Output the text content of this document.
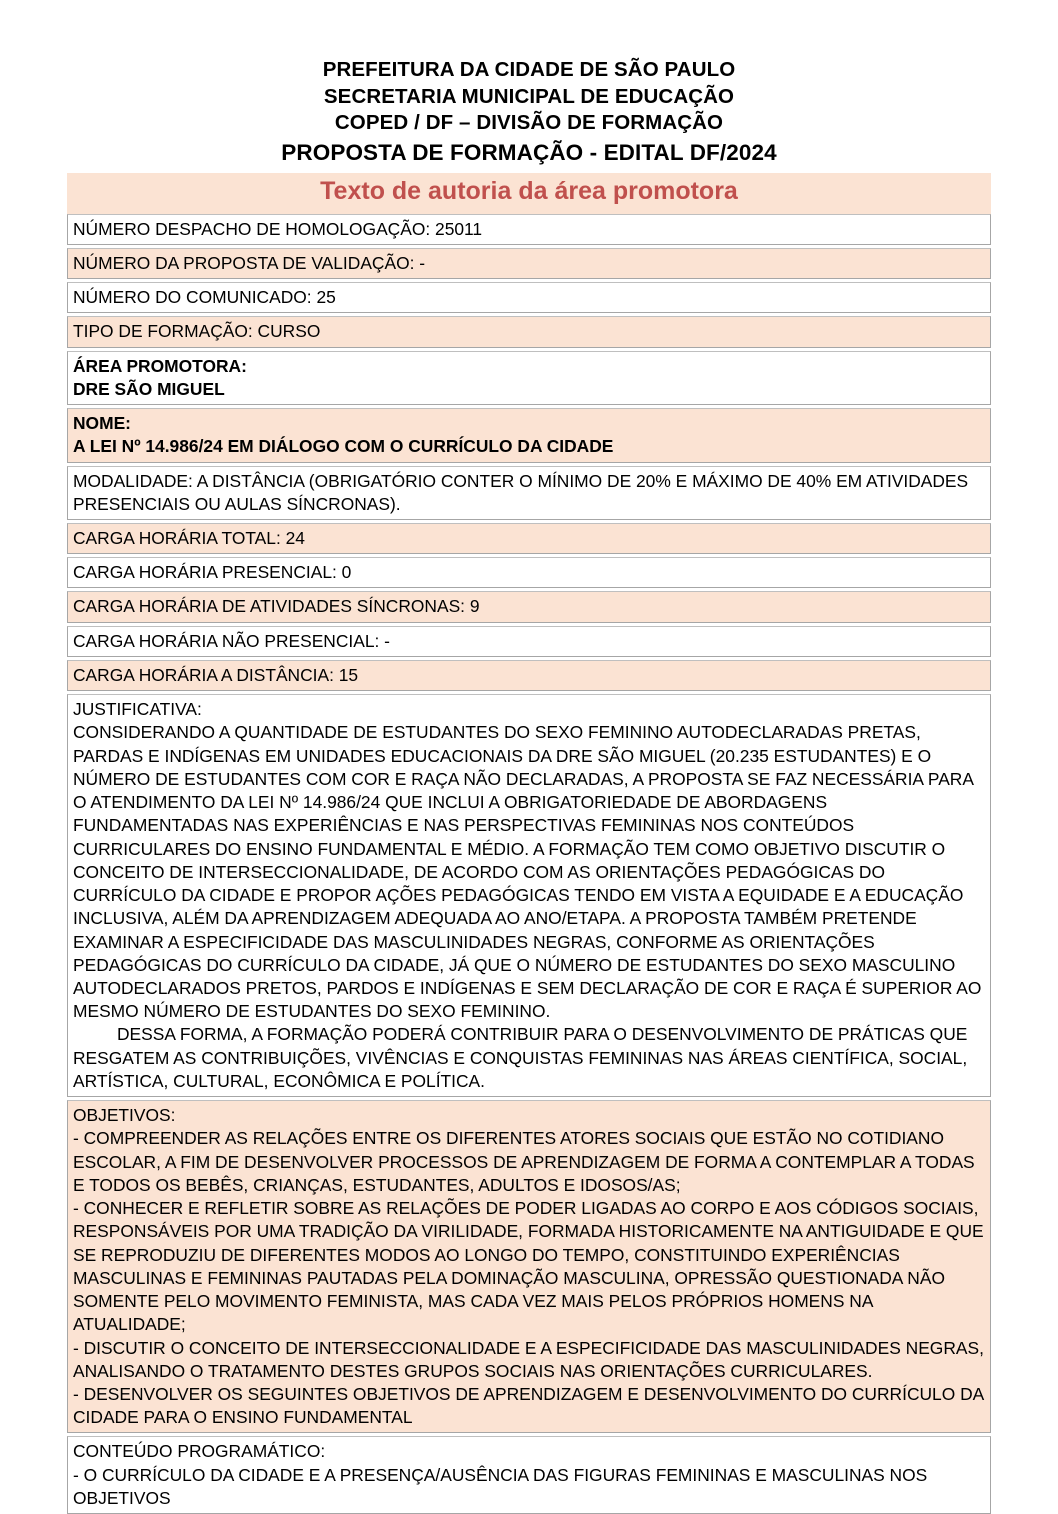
PREFEITURA DA CIDADE DE SÃO PAULO
SECRETARIA MUNICIPAL DE EDUCAÇÃO
COPED / DF – DIVISÃO DE FORMAÇÃO
PROPOSTA DE FORMAÇÃO - EDITAL DF/2024
Texto de autoria da área promotora
NÚMERO DESPACHO DE HOMOLOGAÇÃO: 25011

NÚMERO DA PROPOSTA DE VALIDAÇÃO: -

NÚMERO DO COMUNICADO: 25

TIPO DE FORMAÇÃO: CURSO

ÁREA PROMOTORA:
DRE SÃO MIGUEL

NOME:
A LEI Nº 14.986/24 EM DIÁLOGO COM O CURRÍCULO DA CIDADE

MODALIDADE: A DISTÂNCIA (OBRIGATÓRIO CONTER O MÍNIMO DE 20% E MÁXIMO DE 40% EM ATIVIDADES PRESENCIAIS OU AULAS SÍNCRONAS).

CARGA HORÁRIA TOTAL: 24

CARGA HORÁRIA PRESENCIAL: 0

CARGA HORÁRIA DE ATIVIDADES SÍNCRONAS: 9

CARGA HORÁRIA NÃO PRESENCIAL: -

CARGA HORÁRIA A DISTÂNCIA: 15

JUSTIFICATIVA:
CONSIDERANDO A QUANTIDADE DE ESTUDANTES DO SEXO FEMININO AUTODECLARADAS PRETAS, PARDAS E INDÍGENAS EM UNIDADES EDUCACIONAIS DA DRE SÃO MIGUEL (20.235 ESTUDANTES) E O NÚMERO DE ESTUDANTES COM COR E RAÇA NÃO DECLARADAS, A PROPOSTA SE FAZ NECESSÁRIA PARA O ATENDIMENTO DA LEI Nº 14.986/24 QUE INCLUI A OBRIGATORIEDADE DE ABORDAGENS FUNDAMENTADAS NAS EXPERIÊNCIAS E NAS PERSPECTIVAS FEMININAS NOS CONTEÚDOS CURRICULARES DO ENSINO FUNDAMENTAL E MÉDIO. A FORMAÇÃO TEM COMO OBJETIVO DISCUTIR O CONCEITO DE INTERSECCIONALIDADE, DE ACORDO COM AS ORIENTAÇÕES PEDAGÓGICAS DO CURRÍCULO DA CIDADE E PROPOR AÇÕES PEDAGÓGICAS TENDO EM VISTA A EQUIDADE E A EDUCAÇÃO INCLUSIVA, ALÉM DA APRENDIZAGEM ADEQUADA AO ANO/ETAPA. A PROPOSTA TAMBÉM PRETENDE EXAMINAR A ESPECIFICIDADE DAS MASCULINIDADES NEGRAS, CONFORME AS ORIENTAÇÕES PEDAGÓGICAS DO CURRÍCULO DA CIDADE, JÁ QUE O NÚMERO DE ESTUDANTES DO SEXO MASCULINO AUTODECLARADOS PRETOS, PARDOS E INDÍGENAS E SEM DECLARAÇÃO DE COR E RAÇA É SUPERIOR AO MESMO NÚMERO DE ESTUDANTES DO SEXO FEMININO.
DESSA FORMA, A FORMAÇÃO PODERÁ CONTRIBUIR PARA O DESENVOLVIMENTO DE PRÁTICAS QUE RESGATEM AS CONTRIBUIÇÕES, VIVÊNCIAS E CONQUISTAS FEMININAS NAS ÁREAS CIENTÍFICA, SOCIAL, ARTÍSTICA, CULTURAL, ECONÔMICA E POLÍTICA.

OBJETIVOS:
- COMPREENDER AS RELAÇÕES ENTRE OS DIFERENTES ATORES SOCIAIS QUE ESTÃO NO COTIDIANO ESCOLAR, A FIM DE DESENVOLVER PROCESSOS DE APRENDIZAGEM DE FORMA A CONTEMPLAR A TODAS E TODOS OS BEBÊS, CRIANÇAS, ESTUDANTES, ADULTOS E IDOSOS/AS;
- CONHECER E REFLETIR SOBRE AS RELAÇÕES DE PODER LIGADAS AO CORPO E AOS CÓDIGOS SOCIAIS, RESPONSÁVEIS POR UMA TRADIÇÃO DA VIRILIDADE, FORMADA HISTORICAMENTE NA ANTIGUIDADE E QUE SE REPRODUZIU DE DIFERENTES MODOS AO LONGO DO TEMPO, CONSTITUINDO EXPERIÊNCIAS MASCULINAS E FEMININAS PAUTADAS PELA DOMINAÇÃO MASCULINA, OPRESSÃO QUESTIONADA NÃO SOMENTE PELO MOVIMENTO FEMINISTA, MAS CADA VEZ MAIS PELOS PRÓPRIOS HOMENS NA ATUALIDADE;
- DISCUTIR O CONCEITO DE INTERSECCIONALIDADE E A ESPECIFICIDADE DAS MASCULINIDADES NEGRAS, ANALISANDO O TRATAMENTO DESTES GRUPOS SOCIAIS NAS ORIENTAÇÕES CURRICULARES.
- DESENVOLVER OS SEGUINTES OBJETIVOS DE APRENDIZAGEM E DESENVOLVIMENTO DO CURRÍCULO DA CIDADE PARA O ENSINO FUNDAMENTAL

CONTEÚDO PROGRAMÁTICO:
- O CURRÍCULO DA CIDADE E A PRESENÇA/AUSÊNCIA DAS FIGURAS FEMININAS E MASCULINAS NOS OBJETIVOS
